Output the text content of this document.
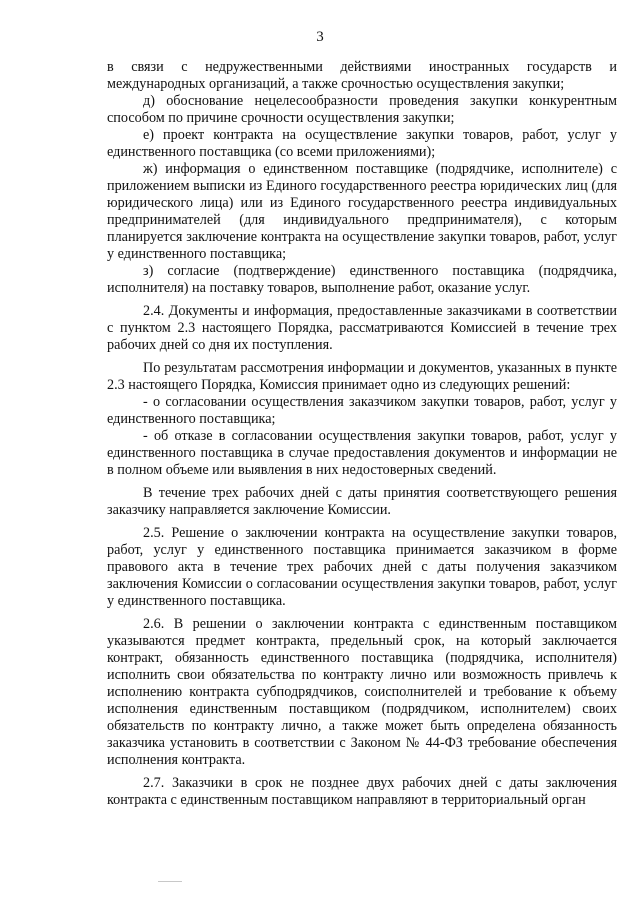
3

в связи с недружественными действиями иностранных государств и международных организаций, а также срочностью осуществления закупки;

д) обоснование нецелесообразности проведения закупки конкурентным способом по причине срочности осуществления закупки;

е) проект контракта на осуществление закупки товаров, работ, услуг у единственного поставщика (со всеми приложениями);

ж) информация о единственном поставщике (подрядчике, исполнителе) с приложением выписки из Единого государственного реестра юридических лиц (для юридического лица) или из Единого государственного реестра индивидуальных предпринимателей (для индивидуального предпринимателя), с которым планируется заключение контракта на осуществление закупки товаров, работ, услуг у единственного поставщика;

з) согласие (подтверждение) единственного поставщика (подрядчика, исполнителя) на поставку товаров, выполнение работ, оказание услуг.

2.4. Документы и информация, предоставленные заказчиками в соответствии с пунктом 2.3 настоящего Порядка, рассматриваются Комиссией в течение трех рабочих дней со дня их поступления.

По результатам рассмотрения информации и документов, указанных в пункте 2.3 настоящего Порядка, Комиссия принимает одно из следующих решений:

- о согласовании осуществления заказчиком закупки товаров, работ, услуг у единственного поставщика;

- об отказе в согласовании осуществления закупки товаров, работ, услуг у единственного поставщика в случае предоставления документов и информации не в полном объеме или выявления в них недостоверных сведений.

В течение трех рабочих дней с даты принятия соответствующего решения заказчику направляется заключение Комиссии.

2.5. Решение о заключении контракта на осуществление закупки товаров, работ, услуг у единственного поставщика принимается заказчиком в форме правового акта в течение трех рабочих дней с даты получения заказчиком заключения Комиссии о согласовании осуществления закупки товаров, работ, услуг у единственного поставщика.

2.6. В решении о заключении контракта с единственным поставщиком указываются предмет контракта, предельный срок, на который заключается контракт, обязанность единственного поставщика (подрядчика, исполнителя) исполнить свои обязательства по контракту лично или возможность привлечь к исполнению контракта субподрядчиков, соисполнителей и требование к объему исполнения единственным поставщиком (подрядчиком, исполнителем) своих обязательств по контракту лично, а также может быть определена обязанность заказчика установить в соответствии с Законом № 44-ФЗ требование обеспечения исполнения контракта.

2.7. Заказчики в срок не позднее двух рабочих дней с даты заключения контракта с единственным поставщиком направляют в территориальный орган
